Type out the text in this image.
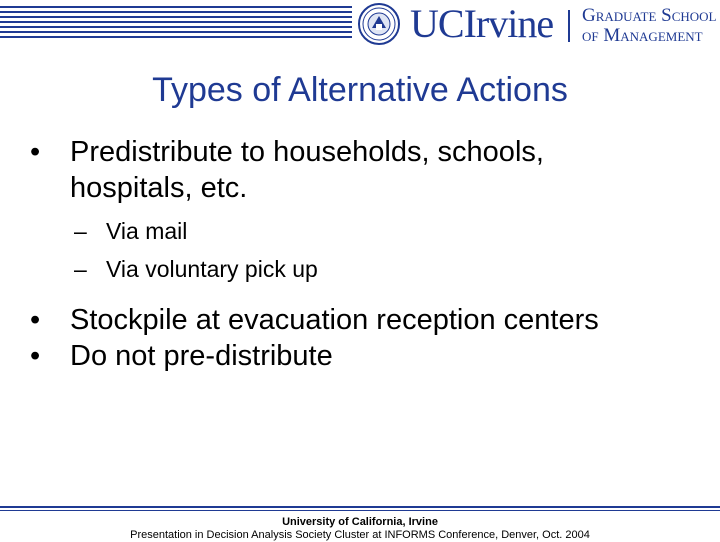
UCIrvine Graduate School
of Management
Types of Alternative Actions
• Predistribute to households, schools,
hospitals, etc.
– Via mail
– Via voluntary pick up
• Stockpile at evacuation reception centers
• Do not pre-distribute
University of California, Irvine
Presentation in Decision Analysis Society Cluster at INFORMS Conference, Denver, Oct. 2004
